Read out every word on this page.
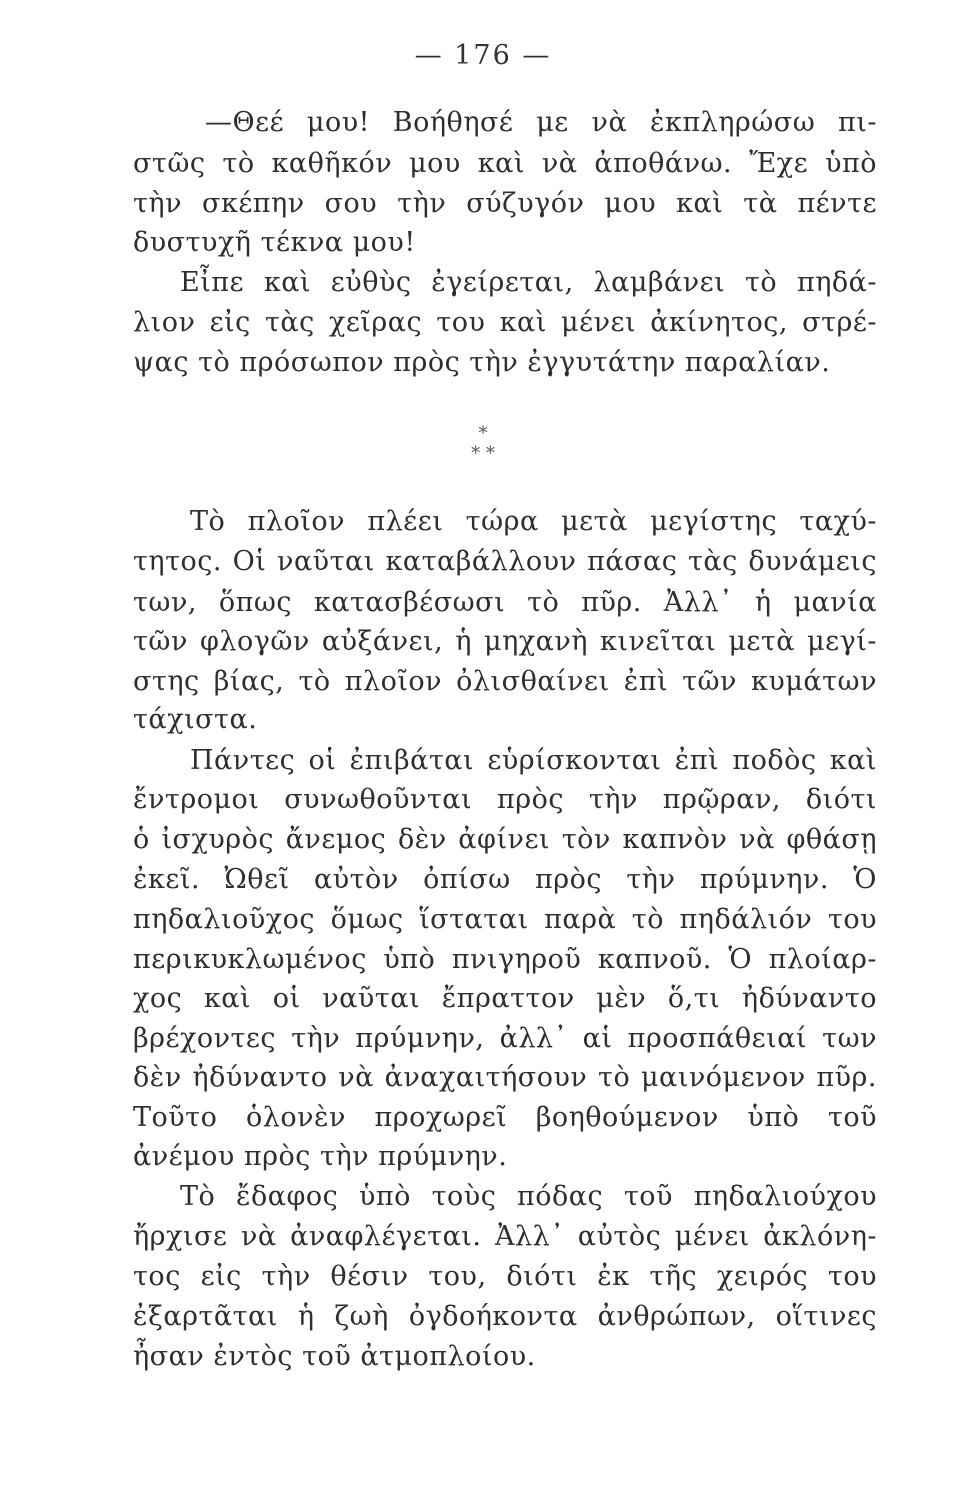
— 176 —
—Θεέ μου! Βοήθησέ με νὰ ἐκπληρώσω πι-
στῶς τὸ καθῆκόν μου καὶ νὰ ἀποθάνω. Ἔχε ὑπὸ
τὴν σκέπην σου τὴν σύζυγόν μου καὶ τὰ πέντε
δυστυχῆ τέκνα μου!
Εἶπε καὶ εὐθὺς ἐγείρεται, λαμβάνει τὸ πηδά-
λιον εἰς τὰς χεῖρας του καὶ μένει ἀκίνητος, στρέ-
ψας τὸ πρόσωπον πρὸς τὴν ἐγγυτάτην παραλίαν.
*
* *
Τὸ πλοῖον πλέει τώρα μετὰ μεγίστης ταχύ-
τητος. Οἱ ναῦται καταβάλλουν πάσας τὰς δυνάμεις
των, ὅπως κατασβέσωσι τὸ πῦρ. Ἀλλ᾽ ἡ μανία
τῶν φλογῶν αὐξάνει, ἡ μηχανὴ κινεῖται μετὰ μεγί-
στης βίας, τὸ πλοῖον ὀλισθαίνει ἐπὶ τῶν κυμάτων
τάχιστα.
Πάντες οἱ ἐπιβάται εὑρίσκονται ἐπὶ ποδὸς καὶ
ἔντρομοι συνωθοῦνται πρὸς τὴν πρῷραν, διότι
ὁ ἰσχυρὸς ἄνεμος δὲν ἀφίνει τὸν καπνὸν νὰ φθάσῃ
ἐκεῖ. Ὠθεῖ αὐτὸν ὀπίσω πρὸς τὴν πρύμνην. Ὁ
πηδαλιοῦχος ὅμως ἵσταται παρὰ τὸ πηδάλιόν του
περικυκλωμένος ὑπὸ πνιγηροῦ καπνοῦ. Ὁ πλοίαρ-
χος καὶ οἱ ναῦται ἔπραττον μὲν ὅ,τι ἠδύναντο
βρέχοντες τὴν πρύμνην, ἀλλ᾽ αἱ προσπάθειαί των
δὲν ἠδύναντο νὰ ἀναχαιτήσουν τὸ μαινόμενον πῦρ.
Τοῦτο ὁλονὲν προχωρεῖ βοηθούμενον ὑπὸ τοῦ
ἀνέμου πρὸς τὴν πρύμνην.
Τὸ ἔδαφος ὑπὸ τοὺς πόδας τοῦ πηδαλιούχου
ἤρχισε νὰ ἀναφλέγεται. Ἀλλ᾽ αὐτὸς μένει ἀκλόνη-
τος εἰς τὴν θέσιν του, διότι ἐκ τῆς χειρός του
ἐξαρτᾶται ἡ ζωὴ ὀγδοήκοντα ἀνθρώπων, οἵτινες
ἦσαν ἐντὸς τοῦ ἀτμοπλοίου.
